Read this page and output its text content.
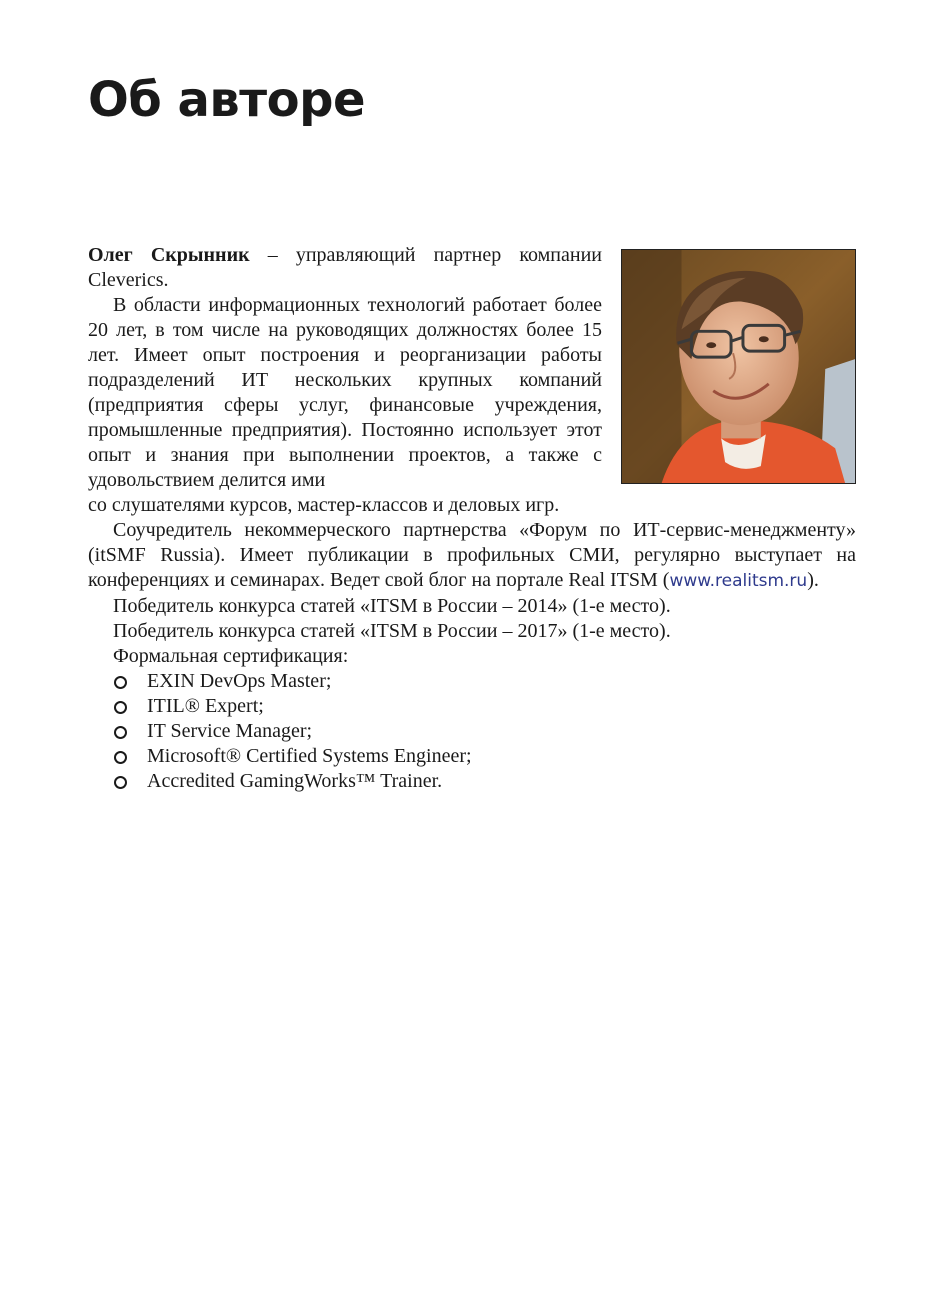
Об авторе

Олег Скрынник – управляющий партнер компании Cleverics.

В области информационных технологий работает более 20 лет, в том числе на руководящих должностях более 15 лет. Имеет опыт построения и реорганизации работы подразделений ИТ нескольких крупных компаний (предприятия сферы услуг, финансовые учреждения, промышленные предприятия). Постоянно использует этот опыт и знания при выполнении проектов, а также с удовольствием делится ими

со слушателями курсов, мастер-классов и деловых игр.

Соучредитель некоммерческого партнерства «Форум по ИТ-сервис-менеджменту» (itSMF Russia). Имеет публикации в профильных СМИ, регулярно выступает на конференциях и семинарах. Ведет свой блог на портале Real ITSM (www.realitsm.ru).

Победитель конкурса статей «ITSM в России – 2014» (1-е место).

Победитель конкурса статей «ITSM в России – 2017» (1-е место).

Формальная сертификация:

EXIN DevOps Master;
ITIL® Expert;
IT Service Manager;
Microsoft® Certified Systems Engineer;
Accredited GamingWorks™ Trainer.
